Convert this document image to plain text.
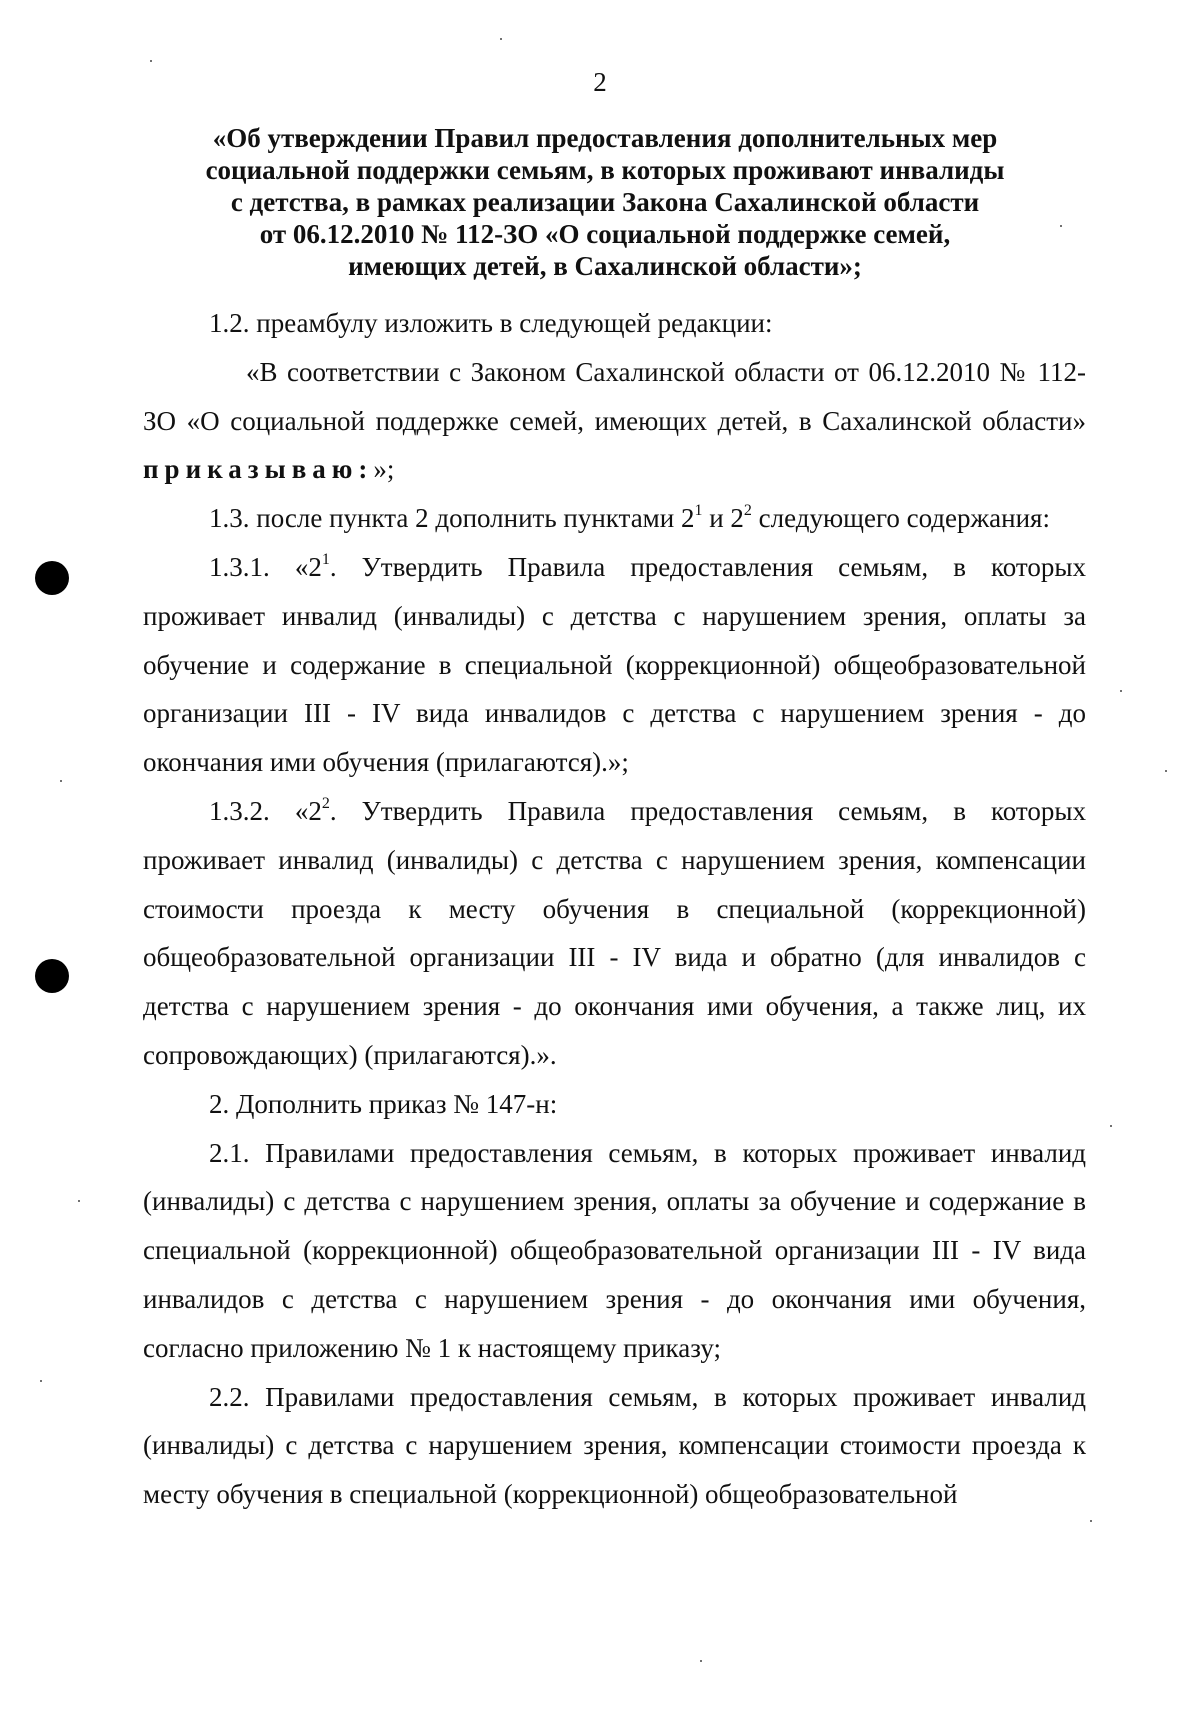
2
«Об утверждении Правил предоставления дополнительных мер
социальной поддержки семьям, в которых проживают инвалиды
с детства, в рамках реализации Закона Сахалинской области
от 06.12.2010 № 112-ЗО «О социальной поддержке семей,
имеющих детей, в Сахалинской области»;

1.2. преамбулу изложить в следующей редакции:

«В соответствии с Законом Сахалинской области от 06.12.2010 № 112-ЗО «О социальной поддержке семей, имеющих детей, в Сахалинской области» приказываю:»;

1.3. после пункта 2 дополнить пунктами $2^1$ и $2^2$ следующего содержания:

1.3.1. «$2^1$. Утвердить Правила предоставления семьям, в которых проживает инвалид (инвалиды) с детства с нарушением зрения, оплаты за обучение и содержание в специальной (коррекционной) общеобразовательной организации III - IV вида инвалидов с детства с нарушением зрения - до окончания ими обучения (прилагаются).»;

1.3.2. «$2^2$. Утвердить Правила предоставления семьям, в которых проживает инвалид (инвалиды) с детства с нарушением зрения, компенсации стоимости проезда к месту обучения в специальной (коррекционной) общеобразовательной организации III - IV вида и обратно (для инвалидов с детства с нарушением зрения - до окончания ими обучения, а также лиц, их сопровождающих) (прилагаются).».

2. Дополнить приказ № 147-н:

2.1. Правилами предоставления семьям, в которых проживает инвалид (инвалиды) с детства с нарушением зрения, оплаты за обучение и содержание в специальной (коррекционной) общеобразовательной организации III - IV вида инвалидов с детства с нарушением зрения - до окончания ими обучения, согласно приложению № 1 к настоящему приказу;

2.2. Правилами предоставления семьям, в которых проживает инвалид (инвалиды) с детства с нарушением зрения, компенсации стоимости проезда к месту обучения в специальной (коррекционной) общеобразовательной
